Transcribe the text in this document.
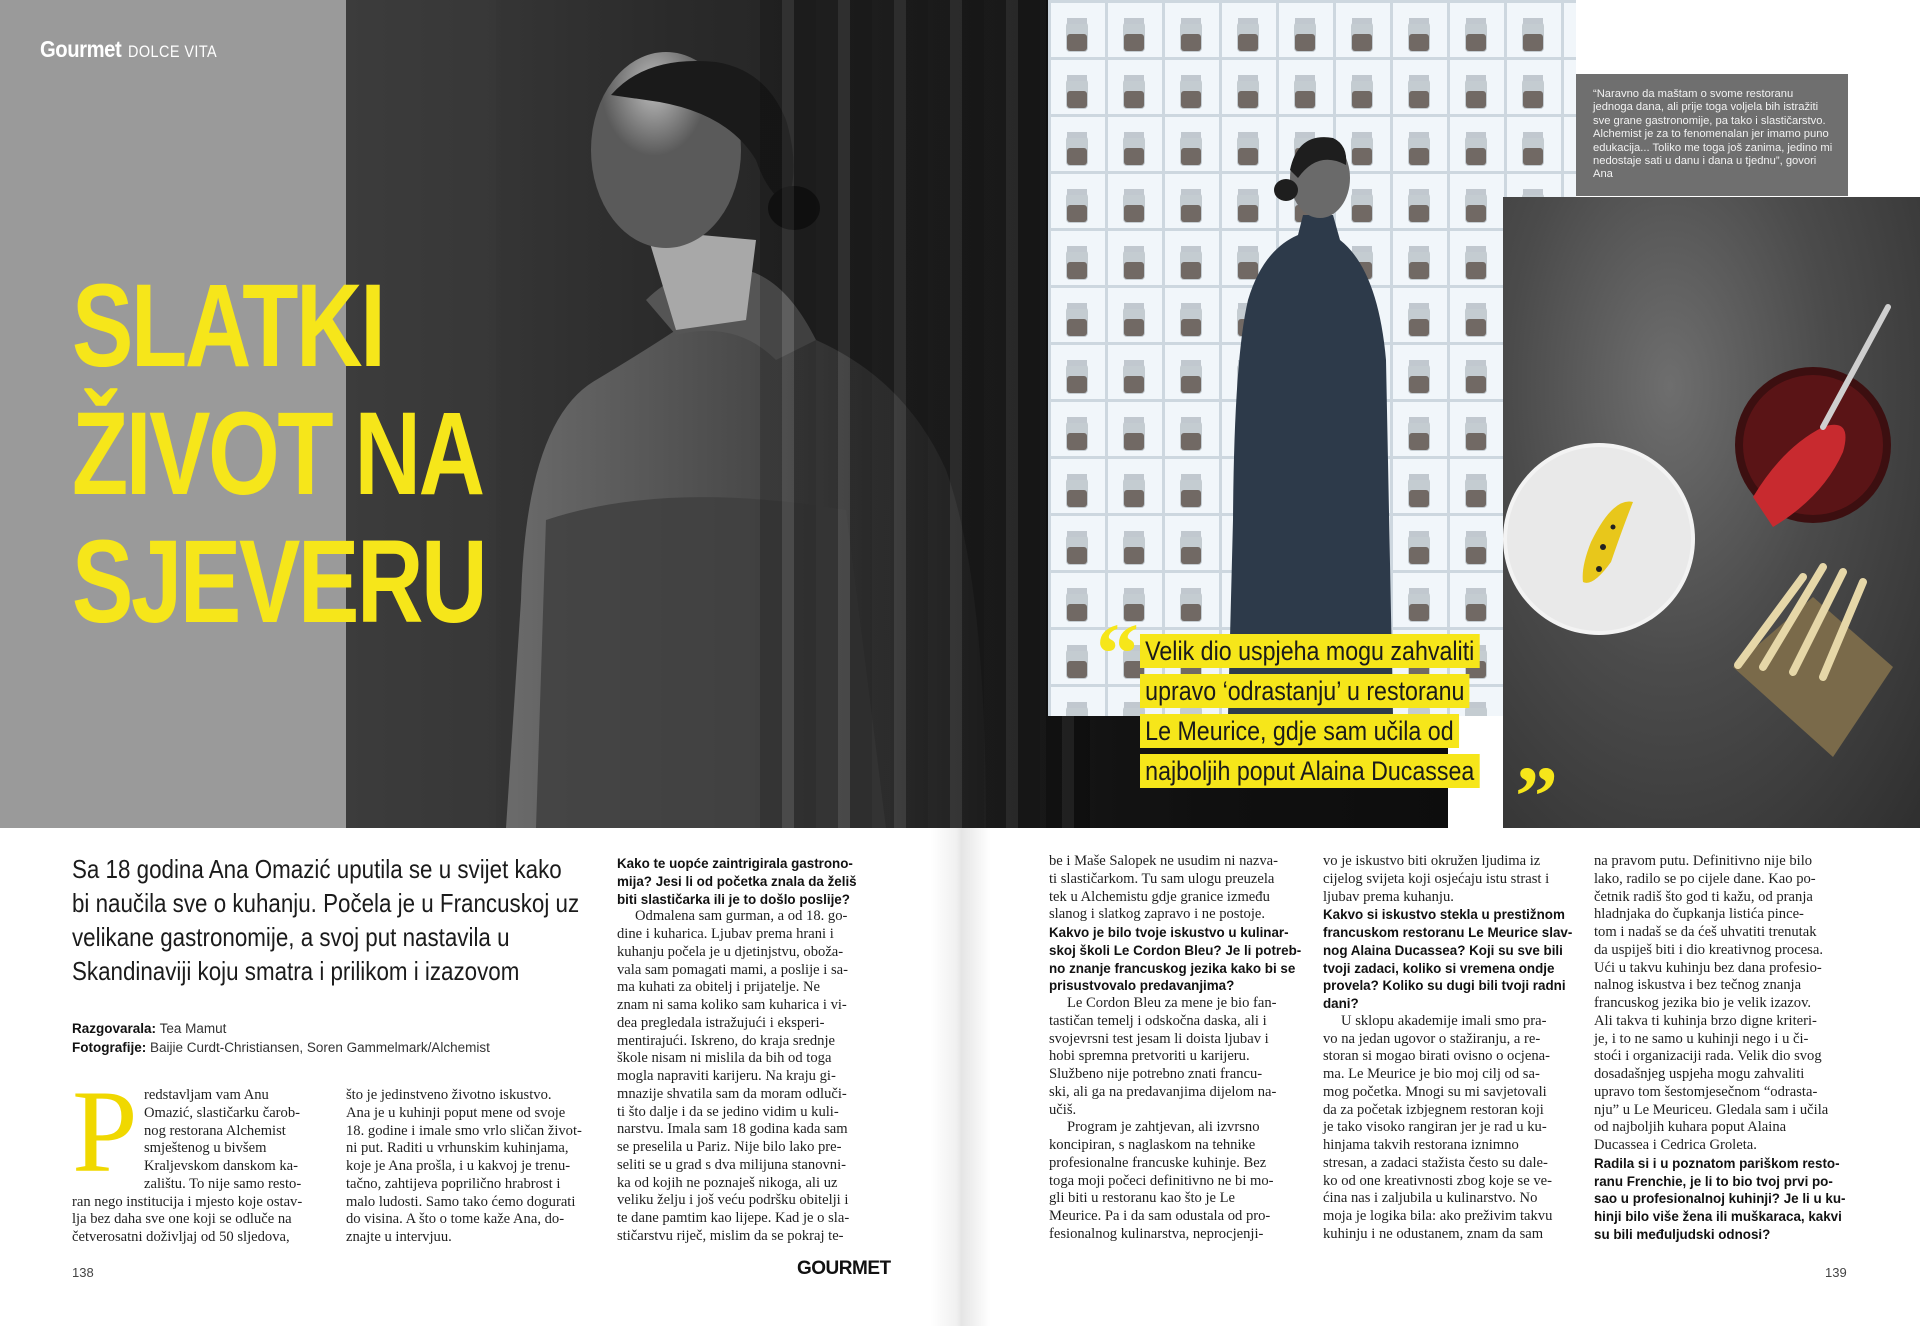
Gourmet DOLCE VITA
SLATKI
ŽIVOT NA
SJEVERU

“Naravno da maštam o svome restoranu jednoga dana, ali prije toga voljela bih istražiti sve grane gastronomije, pa tako i slastičarstvo. Alchemist je za to fenomenalan jer imamo puno edukacija... Toliko me toga još zanima, jedino mi nedostaje sati u danu i dana u tjednu”, govori Ana

“ Velik dio uspjeha mogu zahvaliti upravo ‘odrastanju’ u restoranu Le Meurice, gdje sam učila od najboljih poput Alaina Ducassea ”

Sa 18 godina Ana Omazić uputila se u svijet kako bi naučila sve o kuhanju. Počela je u Francuskoj uz velikane gastronomije, a svoj put nastavila u Skandinaviji koju smatra i prilikom i izazovom

Razgovarala: Tea Mamut
Fotografije: Baijie Curdt-Christiansen, Soren Gammelmark/Alchemist
P redstavljam vam Anu
Omazić, slastičarku čarob-
nog restorana Alchemist
smještenog u bivšem
Kraljevskom danskom ka-
zalištu. To nije samo resto-
ran nego institucija i mjesto koje ostav-
lja bez daha sve one koji se odluče na
četverosatni doživljaj od 50 sljedova,
što je jedinstveno životno iskustvo.
Ana je u kuhinji poput mene od svoje
18. godine i imale smo vrlo sličan život-
ni put. Raditi u vrhunskim kuhinjama,
koje je Ana prošla, i u kakvoj je trenu-
tačno, zahtijeva poprilično hrabrost i
malo ludosti. Samo tako ćemo dogurati
do visina. A što o tome kaže Ana, do-
znajte u intervjuu.
Kako te uopće zaintrigirala gastrono-
mija? Jesi li od početka znala da želiš
biti slastičarka ili je to došlo poslije?
Odmalena sam gurman, a od 18. go-
dine i kuharica. Ljubav prema hrani i
kuhanju počela je u djetinjstvu, oboža-
vala sam pomagati mami, a poslije i sa-
ma kuhati za obitelj i prijatelje. Ne
znam ni sama koliko sam kuharica i vi-
dea pregledala istražujući i eksperi-
mentirajući. Iskreno, do kraja srednje
škole nisam ni mislila da bih od toga
mogla napraviti karijeru. Na kraju gi-
mnazije shvatila sam da moram odluči-
ti što dalje i da se jedino vidim u kuli-
narstvu. Imala sam 18 godina kada sam
se preselila u Pariz. Nije bilo lako pre-
seliti se u grad s dva milijuna stanovni-
ka od kojih ne poznaješ nikoga, ali uz
veliku želju i još veću podršku obitelji i
te dane pamtim kao lijepe. Kad je o sla-
stičarstvu riječ, mislim da se pokraj te-
be i Maše Salopek ne usudim ni nazva-
ti slastičarkom. Tu sam ulogu preuzela
tek u Alchemistu gdje granice između
slanog i slatkog zapravo i ne postoje.
Kakvo je bilo tvoje iskustvo u kulinar-
skoj školi Le Cordon Bleu? Je li potreb-
no znanje francuskog jezika kako bi se
prisustvovalo predavanjima?
Le Cordon Bleu za mene je bio fan-
tastičan temelj i odskočna daska, ali i
svojevrsni test jesam li doista ljubav i
hobi spremna pretvoriti u karijeru.
Službeno nije potrebno znati francu-
ski, ali ga na predavanjima dijelom na-
učiš.
Program je zahtjevan, ali izvrsno
koncipiran, s naglaskom na tehnike
profesionalne francuske kuhinje. Bez
toga moji počeci definitivno ne bi mo-
gli biti u restoranu kao što je Le
Meurice. Pa i da sam odustala od pro-
fesionalnog kulinarstva, neprocjenji-
vo je iskustvo biti okružen ljudima iz
cijelog svijeta koji osjećaju istu strast i
ljubav prema kuhanju.
Kakvo si iskustvo stekla u prestižnom
francuskom restoranu Le Meurice slav-
nog Alaina Ducassea? Koji su sve bili
tvoji zadaci, koliko si vremena ondje
provela? Koliko su dugi bili tvoji radni
dani?
U sklopu akademije imali smo pra-
vo na jedan ugovor o stažiranju, a re-
storan si mogao birati ovisno o ocjena-
ma. Le Meurice je bio moj cilj od sa-
mog početka. Mnogi su mi savjetovali
da za početak izbjegnem restoran koji
je tako visoko rangiran jer je rad u ku-
hinjama takvih restorana iznimno
stresan, a zadaci stažista često su dale-
ko od one kreativnosti zbog koje se ve-
ćina nas i zaljubila u kulinarstvo. No
moja je logika bila: ako preživim takvu
kuhinju i ne odustanem, znam da sam
na pravom putu. Definitivno nije bilo
lako, radilo se po cijele dane. Kao po-
četnik radiš što god ti kažu, od pranja
hladnjaka do čupkanja listića pince-
tom i nadaš se da ćeš uhvatiti trenutak
da uspiješ biti i dio kreativnog procesa.
Ući u takvu kuhinju bez dana profesio-
nalnog iskustva i bez tečnog znanja
francuskog jezika bio je velik izazov.
Ali takva ti kuhinja brzo digne kriteri-
je, i to ne samo u kuhinji nego i u či-
stoći i organizaciji rada. Velik dio svog
dosadašnjeg uspjeha mogu zahvaliti
upravo tom šestomjesečnom “odrasta-
nju” u Le Meuriceu. Gledala sam i učila
od najboljih kuhara poput Alaina
Ducassea i Cedrica Groleta.
Radila si i u poznatom pariškom resto-
ranu Frenchie, je li to bio tvoj prvi po-
sao u profesionalnoj kuhinji? Je li u ku-
hinji bilo više žena ili muškaraca, kakvi
su bili međuljudski odnosi?
138	GOURMET	139
